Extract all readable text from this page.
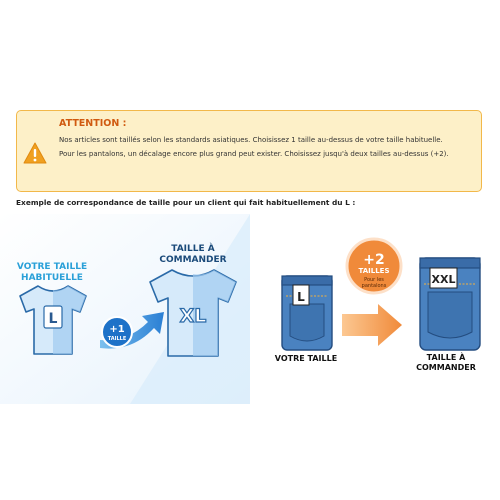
ATTENTION :
Nos articles sont taillés selon les standards asiatiques. Choisissez 1 taille au-dessus de votre taille habituelle.
Pour les pantalons, un décalage encore plus grand peut exister. Choisissez jusqu'à deux tailles au-dessus (+2).
Exemple de correspondance de taille pour un client qui fait habituellement du L :
VOTRE TAILLE
HABITUELLE
L
+1
TAILLE
TAILLE À
COMMANDER
XL
L
VOTRE TAILLE
+2
TAILLES
Pour les
pantalons	XXL
TAILLE À
COMMANDER
